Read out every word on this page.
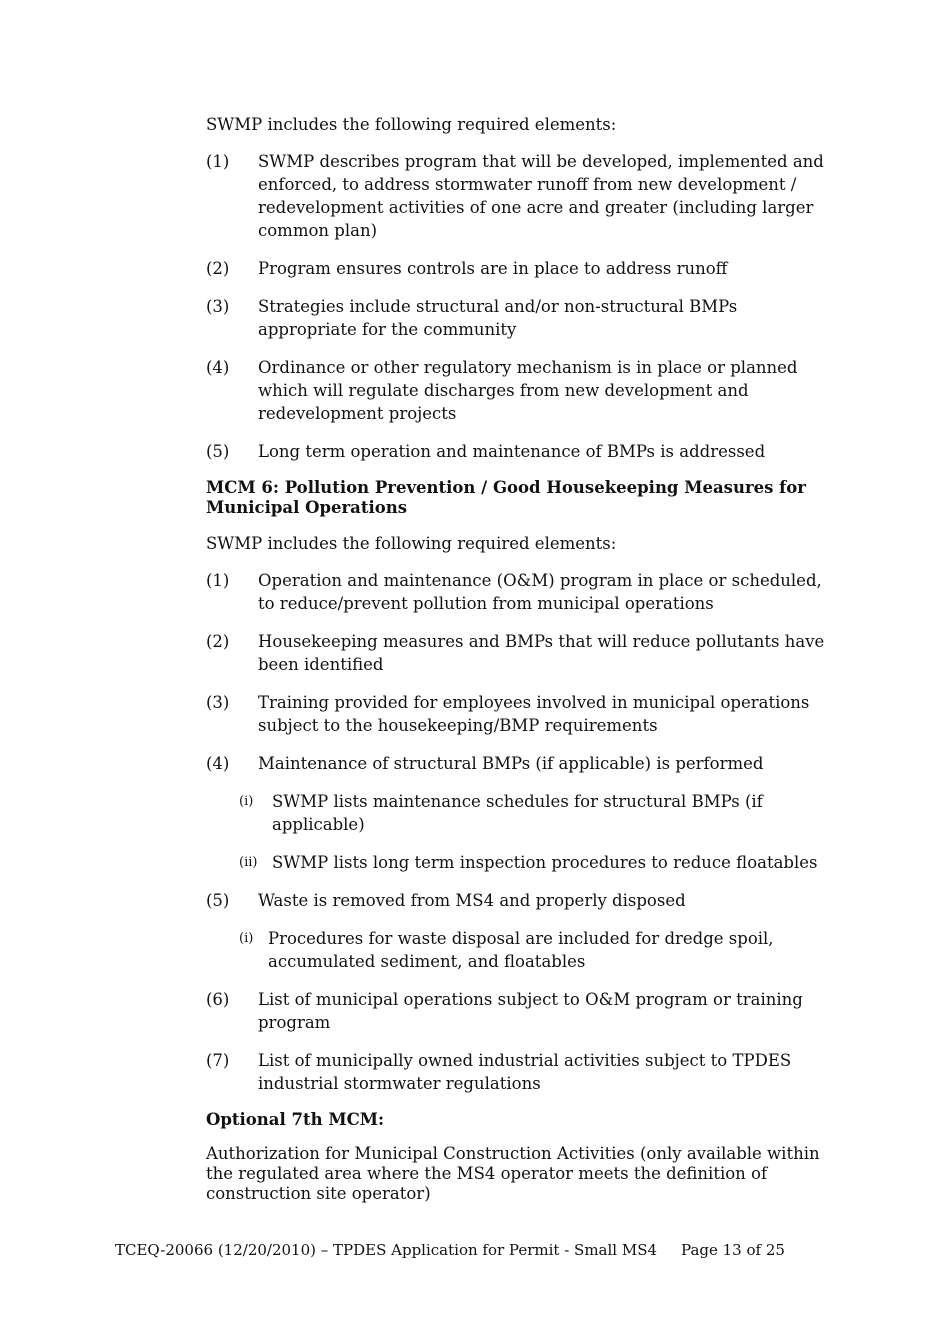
SWMP includes the following required elements:

(1)	SWMP describes program that will be developed, implemented and enforced, to address stormwater runoff from new development / redevelopment activities of one acre and greater (including larger common plan)
(2)	Program ensures controls are in place to address runoff
(3)	Strategies include structural and/or non-structural BMPs appropriate for the community
(4)	Ordinance or other regulatory mechanism is in place or planned which will regulate discharges from new development and redevelopment projects
(5)	Long term operation and maintenance of BMPs is addressed
MCM 6: Pollution Prevention / Good Housekeeping Measures for Municipal Operations

SWMP includes the following required elements:

(1)	Operation and maintenance (O&M) program in place or scheduled, to reduce/prevent pollution from municipal operations
(2)	Housekeeping measures and BMPs that will reduce pollutants have been identified
(3)	Training provided for employees involved in municipal operations subject to the housekeeping/BMP requirements
(4)	Maintenance of structural BMPs (if applicable) is performed
(i)	SWMP lists maintenance schedules for structural BMPs (if applicable)
(ii) SWMP lists long term inspection procedures to reduce floatables
(5)	Waste is removed from MS4 and properly disposed
(i) Procedures for waste disposal are included for dredge spoil, accumulated sediment, and floatables
(6)	List of municipal operations subject to O&M program or training program
(7)	List of municipally owned industrial activities subject to TPDES industrial stormwater regulations
Optional 7th MCM:

Authorization for Municipal Construction Activities (only available within the regulated area where the MS4 operator meets the definition of construction site operator)

TCEQ-20066 (12/20/2010) – TPDES Application for Permit - Small MS4 Page 13 of 25
